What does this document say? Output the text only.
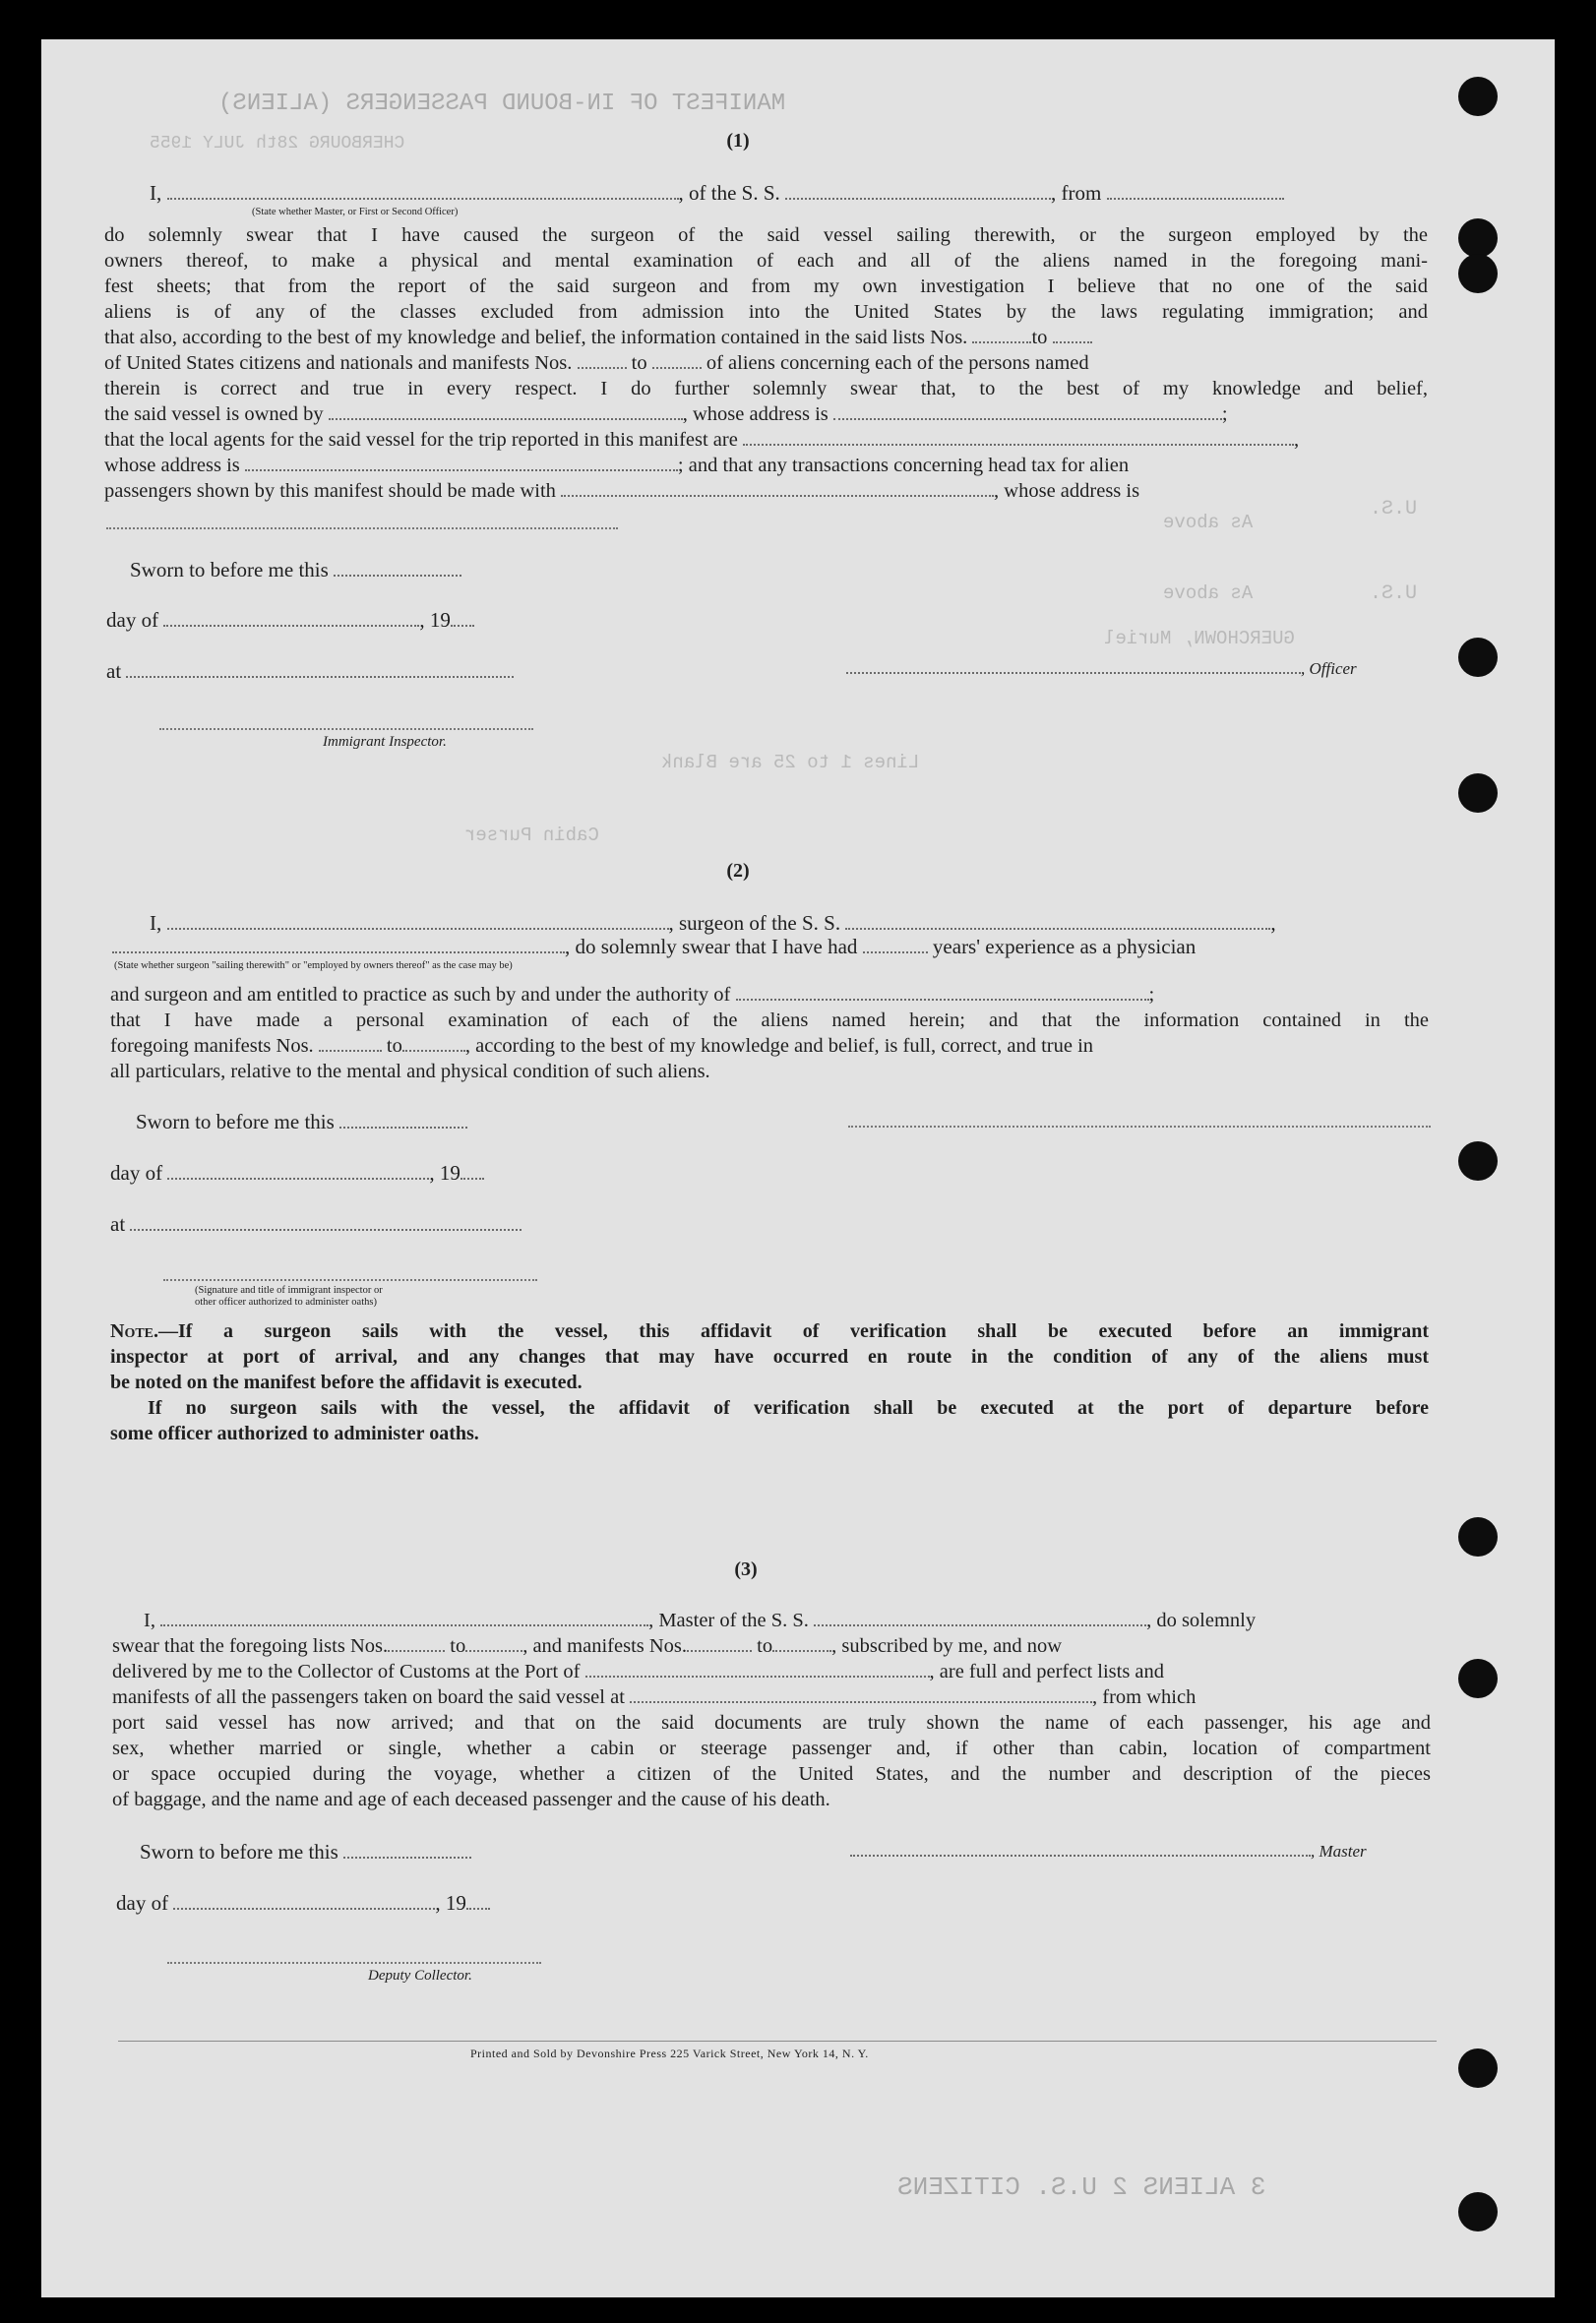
MANIFEST OF IN-BOUND PASSENGERS (ALIENS)
CHERBOURG 28th JULY 1955
U.S.
U.S.
As above
As above
GUERCHOWN, Muriel
Lines 1 to 25 are Blank
Cabin Purser
3 ALIENS 2 U.S. CITIZENS
(1)
I,	, of the S. S.	, from
(State whether Master, or First or Second Officer)
do solemnly swear that I have caused the surgeon of the said vessel sailing therewith, or the surgeon employed by the
owners thereof, to make a physical and mental examination of each and all of the aliens named in the foregoing mani-
fest sheets; that from the report of the said surgeon and from my own investigation I believe that no one of the said
aliens is of any of the classes excluded from admission into the United States by the laws regulating immigration; and
that also, according to the best of my knowledge and belief, the information contained in the said lists Nos.	to
of United States citizens and nationals and manifests Nos.	to	of aliens concerning each of the persons named
therein is correct and true in every respect. I do further solemnly swear that, to the best of my knowledge and belief,
the said vessel is owned by	, whose address is	;
that the local agents for the said vessel for the trip reported in this manifest are	,
whose address is	; and that any transactions concerning head tax for alien
passengers shown by this manifest should be made with	, whose address is
Sworn to before me this
day of	, 19
at	, Officer
Immigrant Inspector.
(2)
I,	, surgeon of the S. S.	,
, do solemnly swear that I have had	years' experience as a physician
(State whether surgeon "sailing therewith" or "employed by owners thereof" as the case may be)
and surgeon and am entitled to practice as such by and under the authority of	;
that I have made a personal examination of each of the aliens named herein; and that the information contained in the
foregoing manifests Nos.	to	, according to the best of my knowledge and belief, is full, correct, and true in
all particulars, relative to the mental and physical condition of such aliens.
Sworn to before me this
day of	, 19
at
(Signature and title of immigrant inspector or
other officer authorized to administer oaths)
Note.—If a surgeon sails with the vessel, this affidavit of verification shall be executed before an immigrant
inspector at port of arrival, and any changes that may have occurred en route in the condition of any of the aliens must
be noted on the manifest before the affidavit is executed.
If no surgeon sails with the vessel, the affidavit of verification shall be executed at the port of departure before
some officer authorized to administer oaths.
(3)
I,	, Master of the S. S.	, do solemnly
swear that the foregoing lists Nos.	to	, and manifests Nos.	to	, subscribed by me, and now
delivered by me to the Collector of Customs at the Port of	, are full and perfect lists and
manifests of all the passengers taken on board the said vessel at	, from which
port said vessel has now arrived; and that on the said documents are truly shown the name of each passenger, his age and
sex, whether married or single, whether a cabin or steerage passenger and, if other than cabin, location of compartment
or space occupied during the voyage, whether a citizen of the United States, and the number and description of the pieces
of baggage, and the name and age of each deceased passenger and the cause of his death.
Sworn to before me this	, Master
day of	, 19
Deputy Collector.
Printed and Sold by Devonshire Press 225 Varick Street, New York 14, N. Y.
